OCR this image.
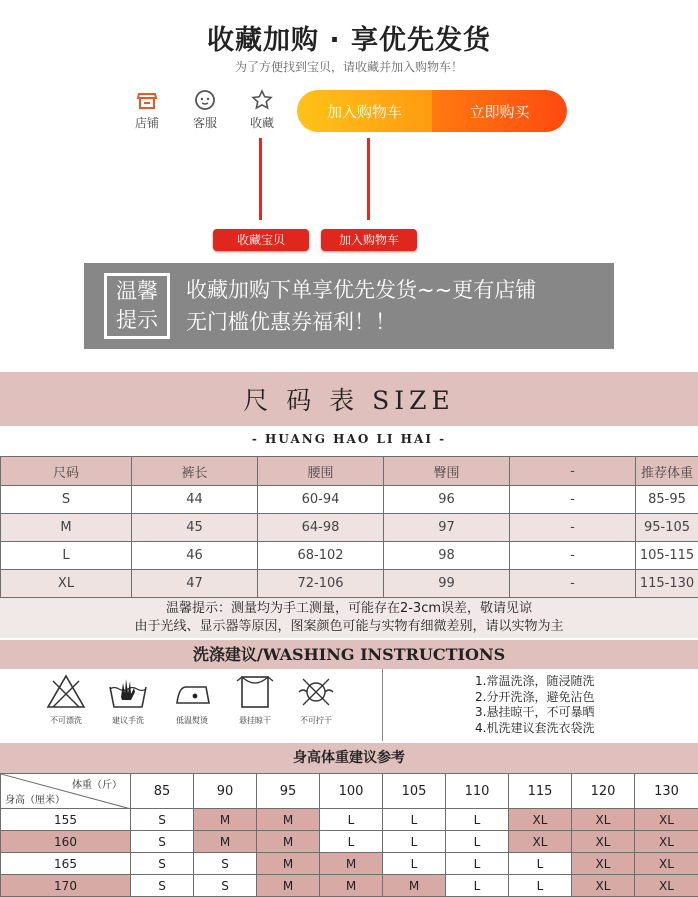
收藏加购 · 享优先发货
为了方便找到宝贝，请收藏并加入购物车！
店铺	客服	收藏
加入购物车	立即购买
收藏宝贝	加入购物车
温馨
提示
收藏加购下单享优先发货~~更有店铺
无门槛优惠券福利！！
尺 码 表 SIZE
- HUANG HAO LI HAI -
尺码	裤长	腰围	臀围	-	推荐体重
S	44	60-94	96	-	85-95
M	45	64-98	97	-	95-105
L	46	68-102	98	-	105-115
XL	47	72-106	99	-	115-130
温馨提示：测量均为手工测量，可能存在2-3cm误差，敬请见谅
由于光线、显示器等原因，图案颜色可能与实物有细微差别，请以实物为主
洗涤建议/WASHING INSTRUCTIONS
不可漂洗	建议手洗	低温熨烫	悬挂晾干	不可拧干
1.常温洗涤，随浸随洗
2.分开洗涤，避免沾色
3.悬挂晾干，不可暴晒
4.机洗建议套洗衣袋洗
身高体重建议参考
体重（斤）
身高（厘米）	85	90	95	100	105	110	115	120	130
155	S	M	M	L	L	L	XL	XL	XL
160	S	M	M	L	L	L	XL	XL	XL
165	S	S	M	M	L	L	L	XL	XL
170	S	S	M	M	M	L	L	XL	XL
